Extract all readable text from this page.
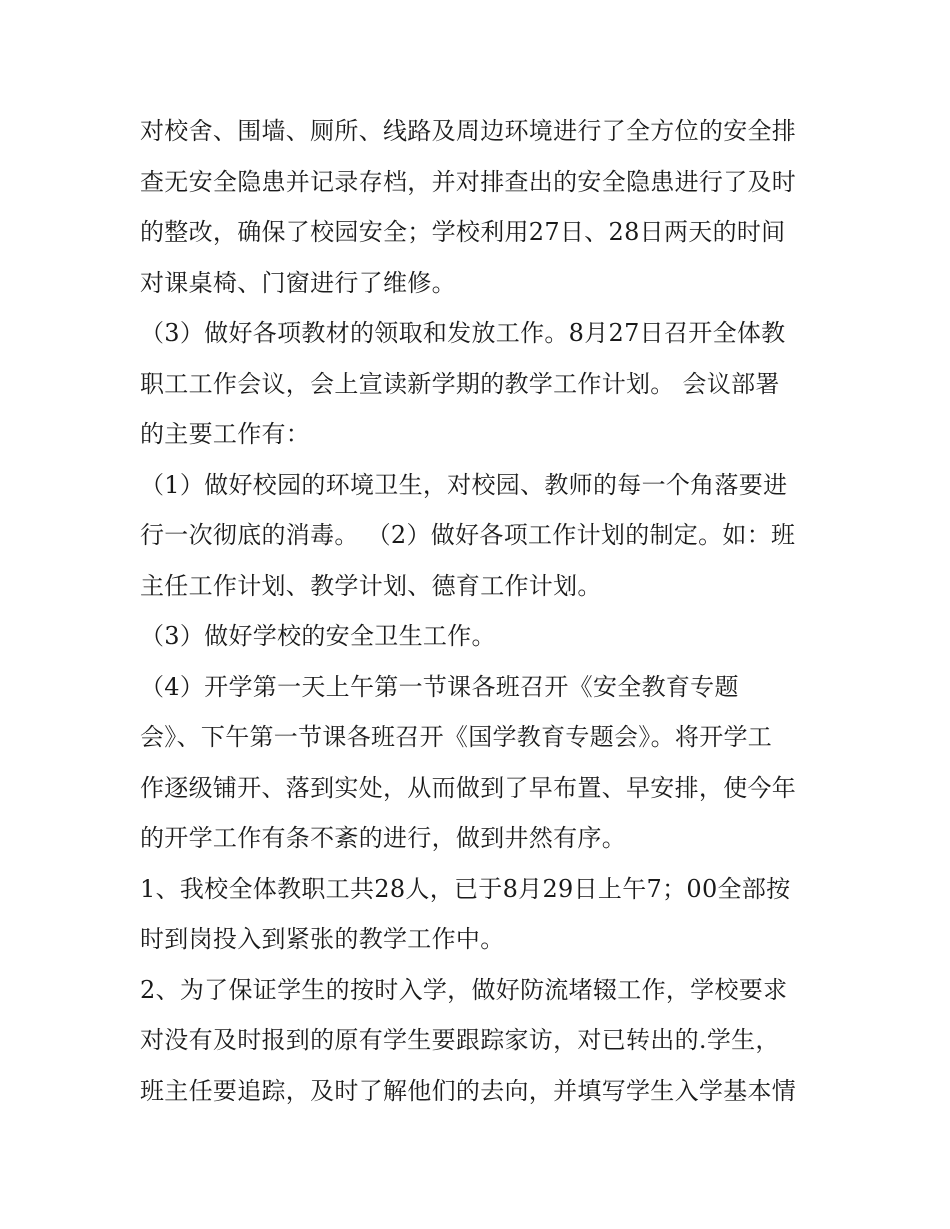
对校舍、围墙、厕所、线路及周边环境进行了全方位的安全排
查无安全隐患并记录存档，并对排查出的安全隐患进行了及时
的整改，确保了校园安全；学校利用27日、28日两天的时间
对课桌椅、门窗进行了维修。
（3）做好各项教材的领取和发放工作。8月27日召开全体教
职工工作会议，会上宣读新学期的教学工作计划。 会议部署
的主要工作有：
（1）做好校园的环境卫生，对校园、教师的每一个角落要进
行一次彻底的消毒。 （2）做好各项工作计划的制定。如：班
主任工作计划、教学计划、德育工作计划。
（3）做好学校的安全卫生工作。
（4）开学第一天上午第一节课各班召开《安全教育专题
会》、下午第一节课各班召开《国学教育专题会》。将开学工
作逐级铺开、落到实处，从而做到了早布置、早安排，使今年
的开学工作有条不紊的进行，做到井然有序。
1、我校全体教职工共28人，已于8月29日上午7；00全部按
时到岗投入到紧张的教学工作中。
2、为了保证学生的按时入学，做好防流堵辍工作，学校要求
对没有及时报到的原有学生要跟踪家访，对已转出的.学生，
班主任要追踪，及时了解他们的去向，并填写学生入学基本情
